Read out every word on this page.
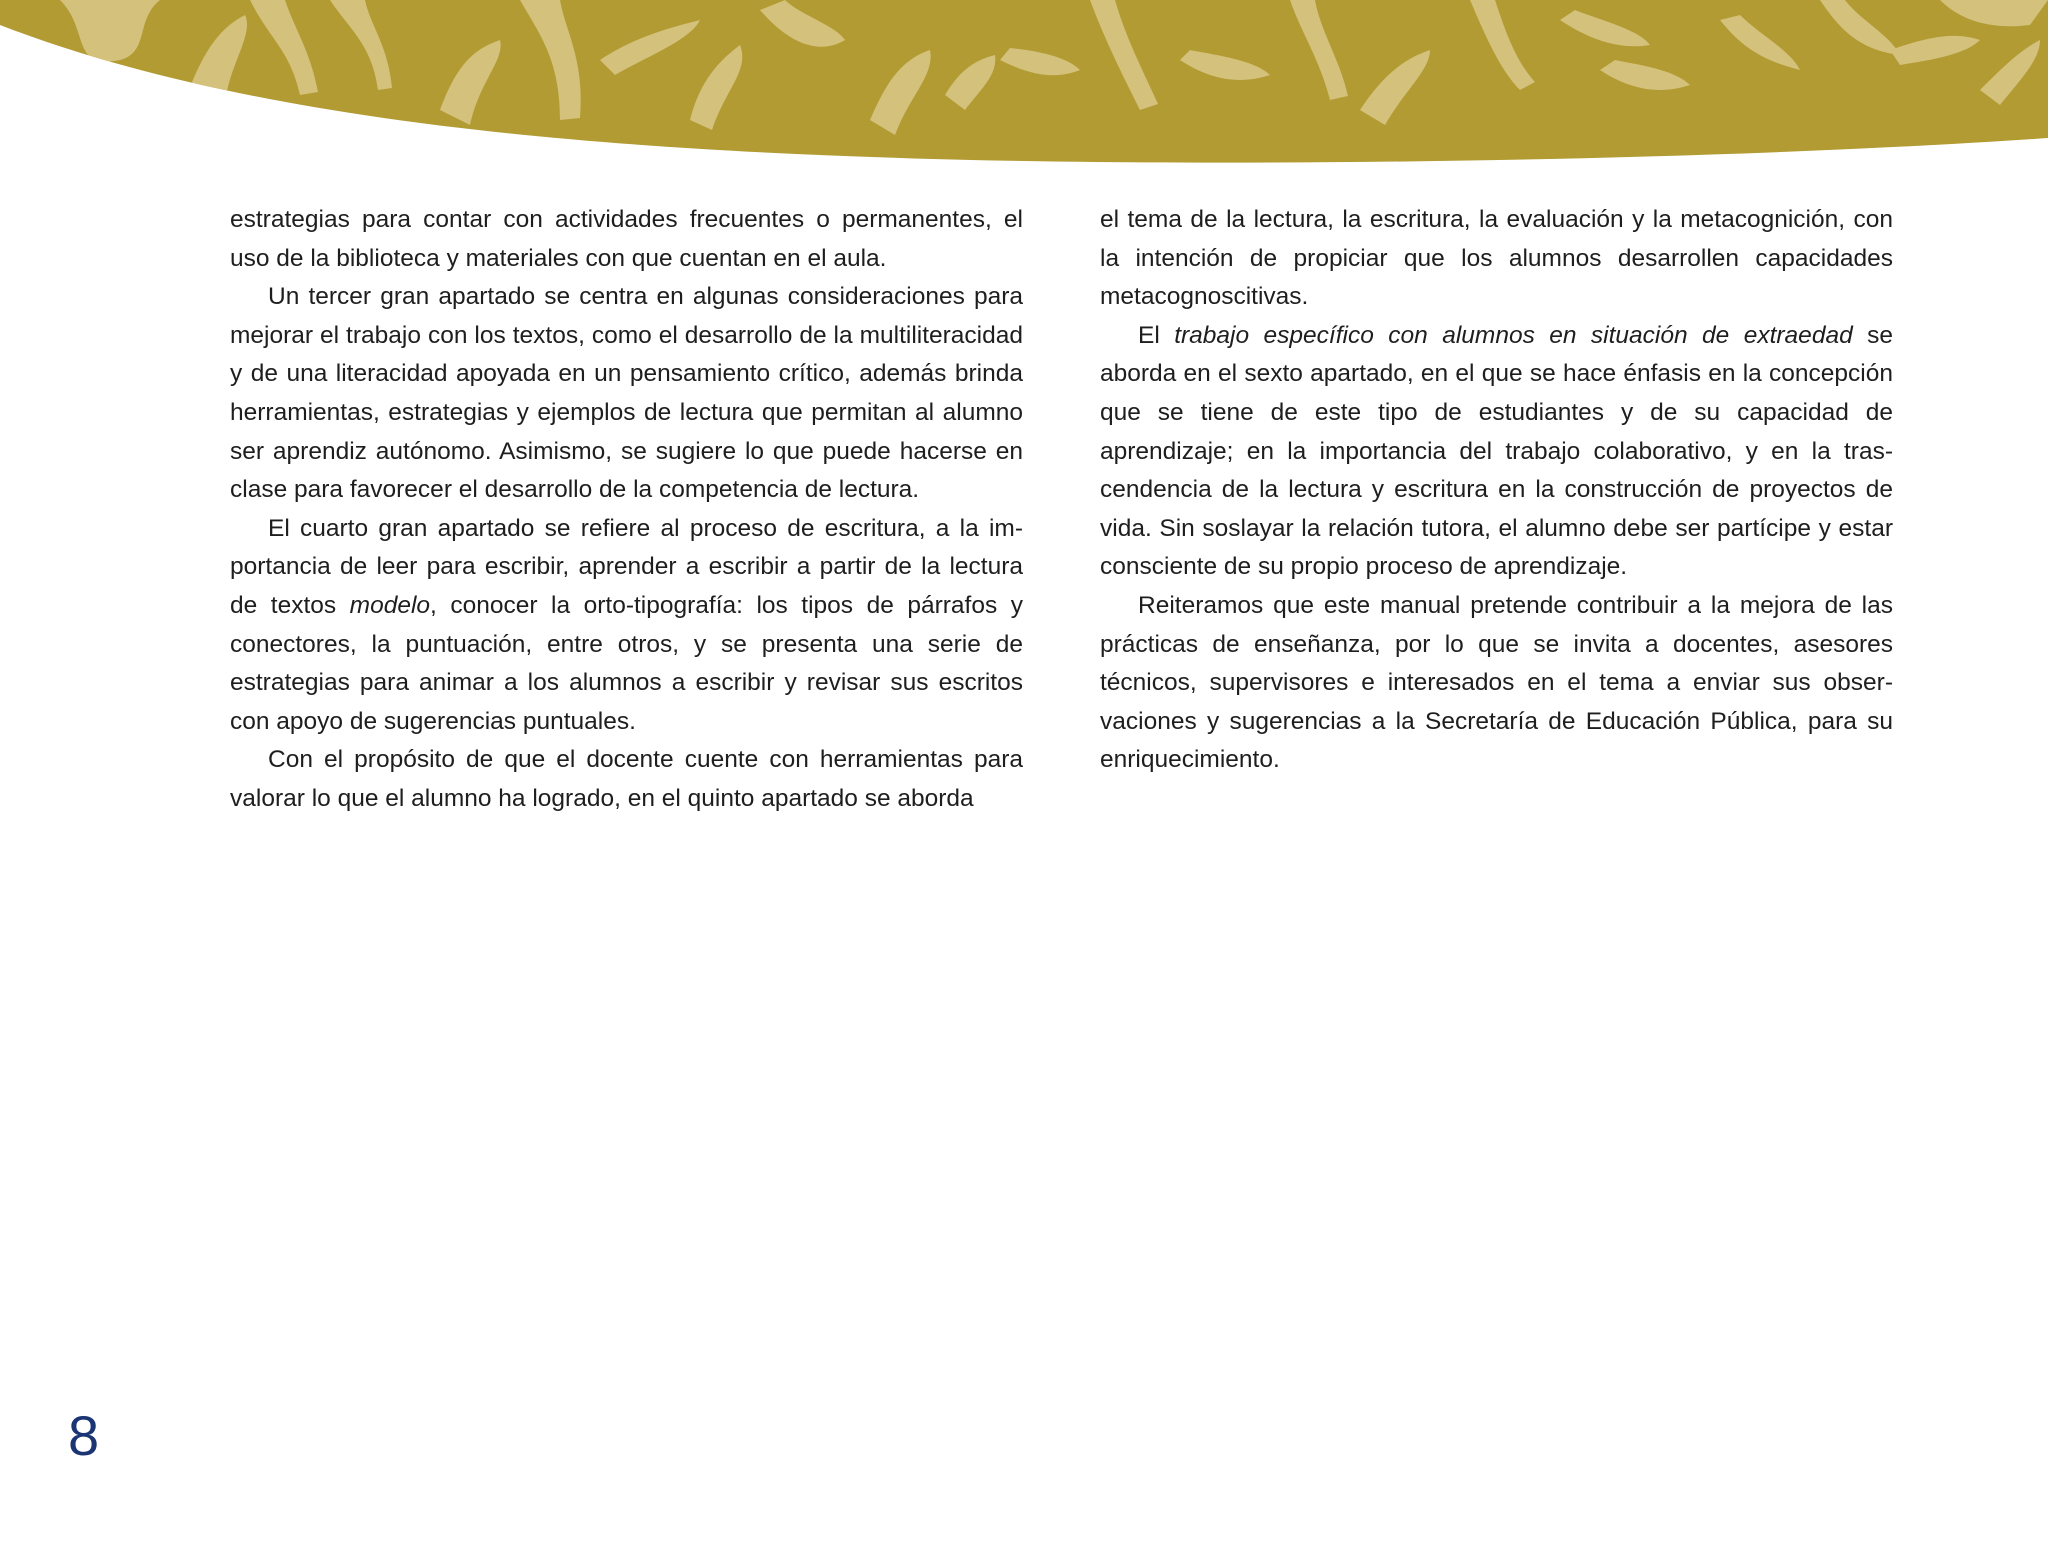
estrategias para contar con actividades frecuentes o permanentes, el uso de la biblioteca y materiales con que cuentan en el aula.

Un tercer gran apartado se centra en algunas consideraciones para mejorar el trabajo con los textos, como el desarrollo de la multiliteracidad y de una literacidad apoyada en un pensamiento crítico, además brinda herramientas, estrategias y ejemplos de lectura que permitan al alumno ser aprendiz autónomo. Asimismo, se sugiere lo que puede hacerse en clase para favorecer el desarrollo de la competencia de lectura.

El cuarto gran apartado se refiere al proceso de escritura, a la importancia de leer para escribir, aprender a escribir a partir de la lectura de textos modelo, conocer la orto-tipografía: los tipos de párrafos y conectores, la puntuación, entre otros, y se presenta una serie de estrategias para animar a los alumnos a escribir y revisar sus escritos con apoyo de sugerencias puntuales.

Con el propósito de que el docente cuente con herramientas para valorar lo que el alumno ha logrado, en el quinto apartado se aborda

el tema de la lectura, la escritura, la evaluación y la metacognición, con la intención de propiciar que los alumnos desarrollen capacidades metacognoscitivas.

El trabajo específico con alumnos en situación de extraedad se aborda en el sexto apartado, en el que se hace énfasis en la concepción que se tiene de este tipo de estudiantes y de su capacidad de aprendizaje; en la importancia del trabajo colaborativo, y en la trascendencia de la lectura y escritura en la construcción de proyectos de vida. Sin soslayar la relación tutora, el alumno debe ser partícipe y estar consciente de su propio proceso de aprendizaje.

Reiteramos que este manual pretende contribuir a la mejora de las prácticas de enseñanza, por lo que se invita a docentes, asesores técnicos, supervisores e interesados en el tema a enviar sus observaciones y sugerencias a la Secretaría de Educación Pública, para su enriquecimiento.

8
